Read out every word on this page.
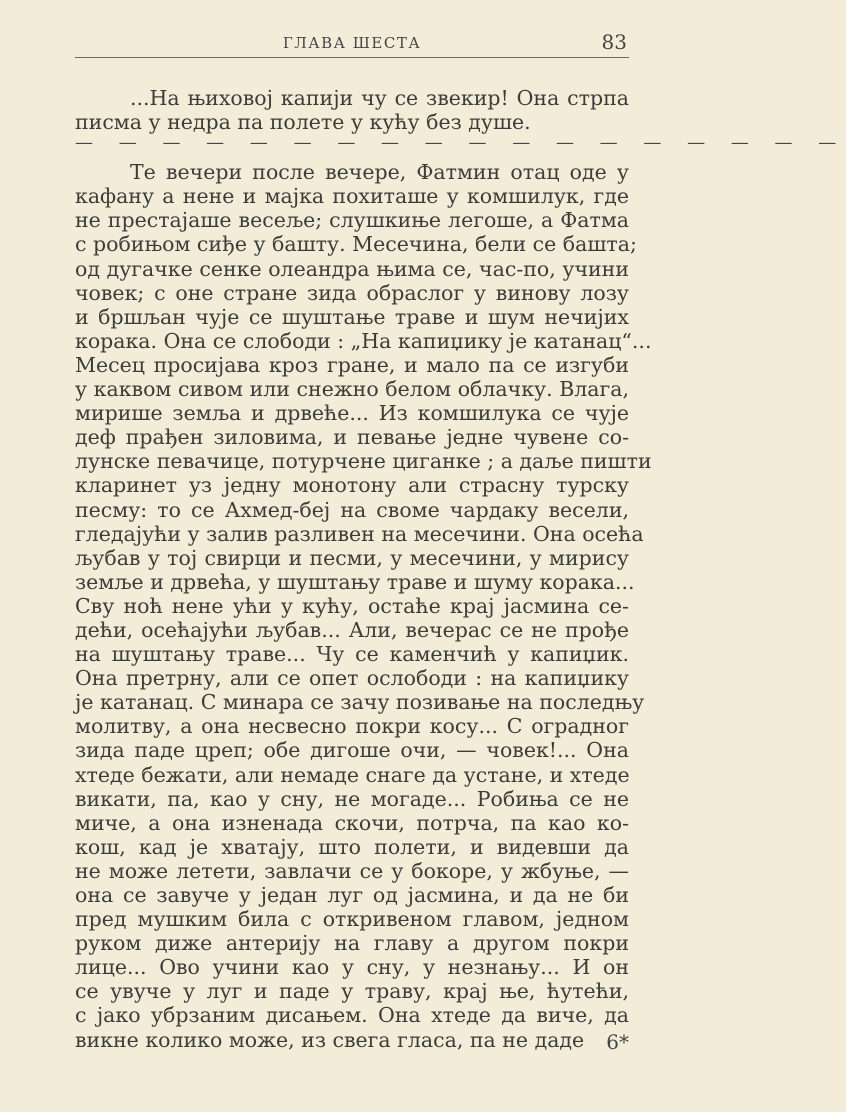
ГЛАВА ШЕСТА	83
...На њиховој капији чу се звекир! Она стрпа
писма у недра па полете у кућу без душе.
— — — — — — — — — — — — — — — — — —
Те вечери после вечере, Фатмин отац оде у
кафану а нене и мајка похиташе у комшилук, где
не престајаше весеље; слушкиње легоше, а Фатма
с робињом сиђе у башту. Месечина, бели се башта;
од дугачке сенке олеандра њима се, час-по, учини
човек; с оне стране зида обраслог у винову лозу
и бршљан чује се шуштање траве и шум нечијих
корака. Она се слободи : „На капиџику је катанац“...
Месец просијава кроз гране, и мало па се изгуби
у каквом сивом или снежно белом облачку. Влага,
мирише земља и дрвеће... Из комшилука се чује
деф прађен зиловима, и певање једне чувене со-
лунске певачице, потурчене циганке ; а даље пишти
кларинет уз једну монотону али страсну турску
песму: то се Ахмед-беј на своме чардаку весели,
гледајући у залив разливен на месечини. Она осећа
љубав у тој свирци и песми, у месечини, у мирису
земље и дрвећа, у шуштању траве и шуму корака...
Сву ноћ нене ући у кућу, остаће крај јасмина се-
дећи, осећајући љубав... Али, вечерас се не прође
на шуштању траве... Чу се каменчић у капиџик.
Она претрну, али се опет ослободи : на капиџику
је катанац. С минара се зачу позивање на последњу
молитву, а она несвесно покри косу... С оградног
зида паде цреп; обе дигоше очи, — човек!... Она
хтеде бежати, али немаде снаге да устане, и хтеде
викати, па, као у сну, не могаде... Робиња се не
миче, а она изненада скочи, потрча, па као ко-
кош, кад је хватају, што полети, и видевши да
не може летети, завлачи се у бокоре, у жбуње, —
она се завуче у један луг од јасмина, и да не би
пред мушким била с откривеном главом, једном
руком диже антерију на главу а другом покри
лице... Ово учини као у сну, у незнању... И он
се увуче у луг и паде у траву, крај ње, ћутећи,
с јако убрзаним дисањем. Она хтеде да виче, да
викне колико може, из свега гласа, па не даде	6*
